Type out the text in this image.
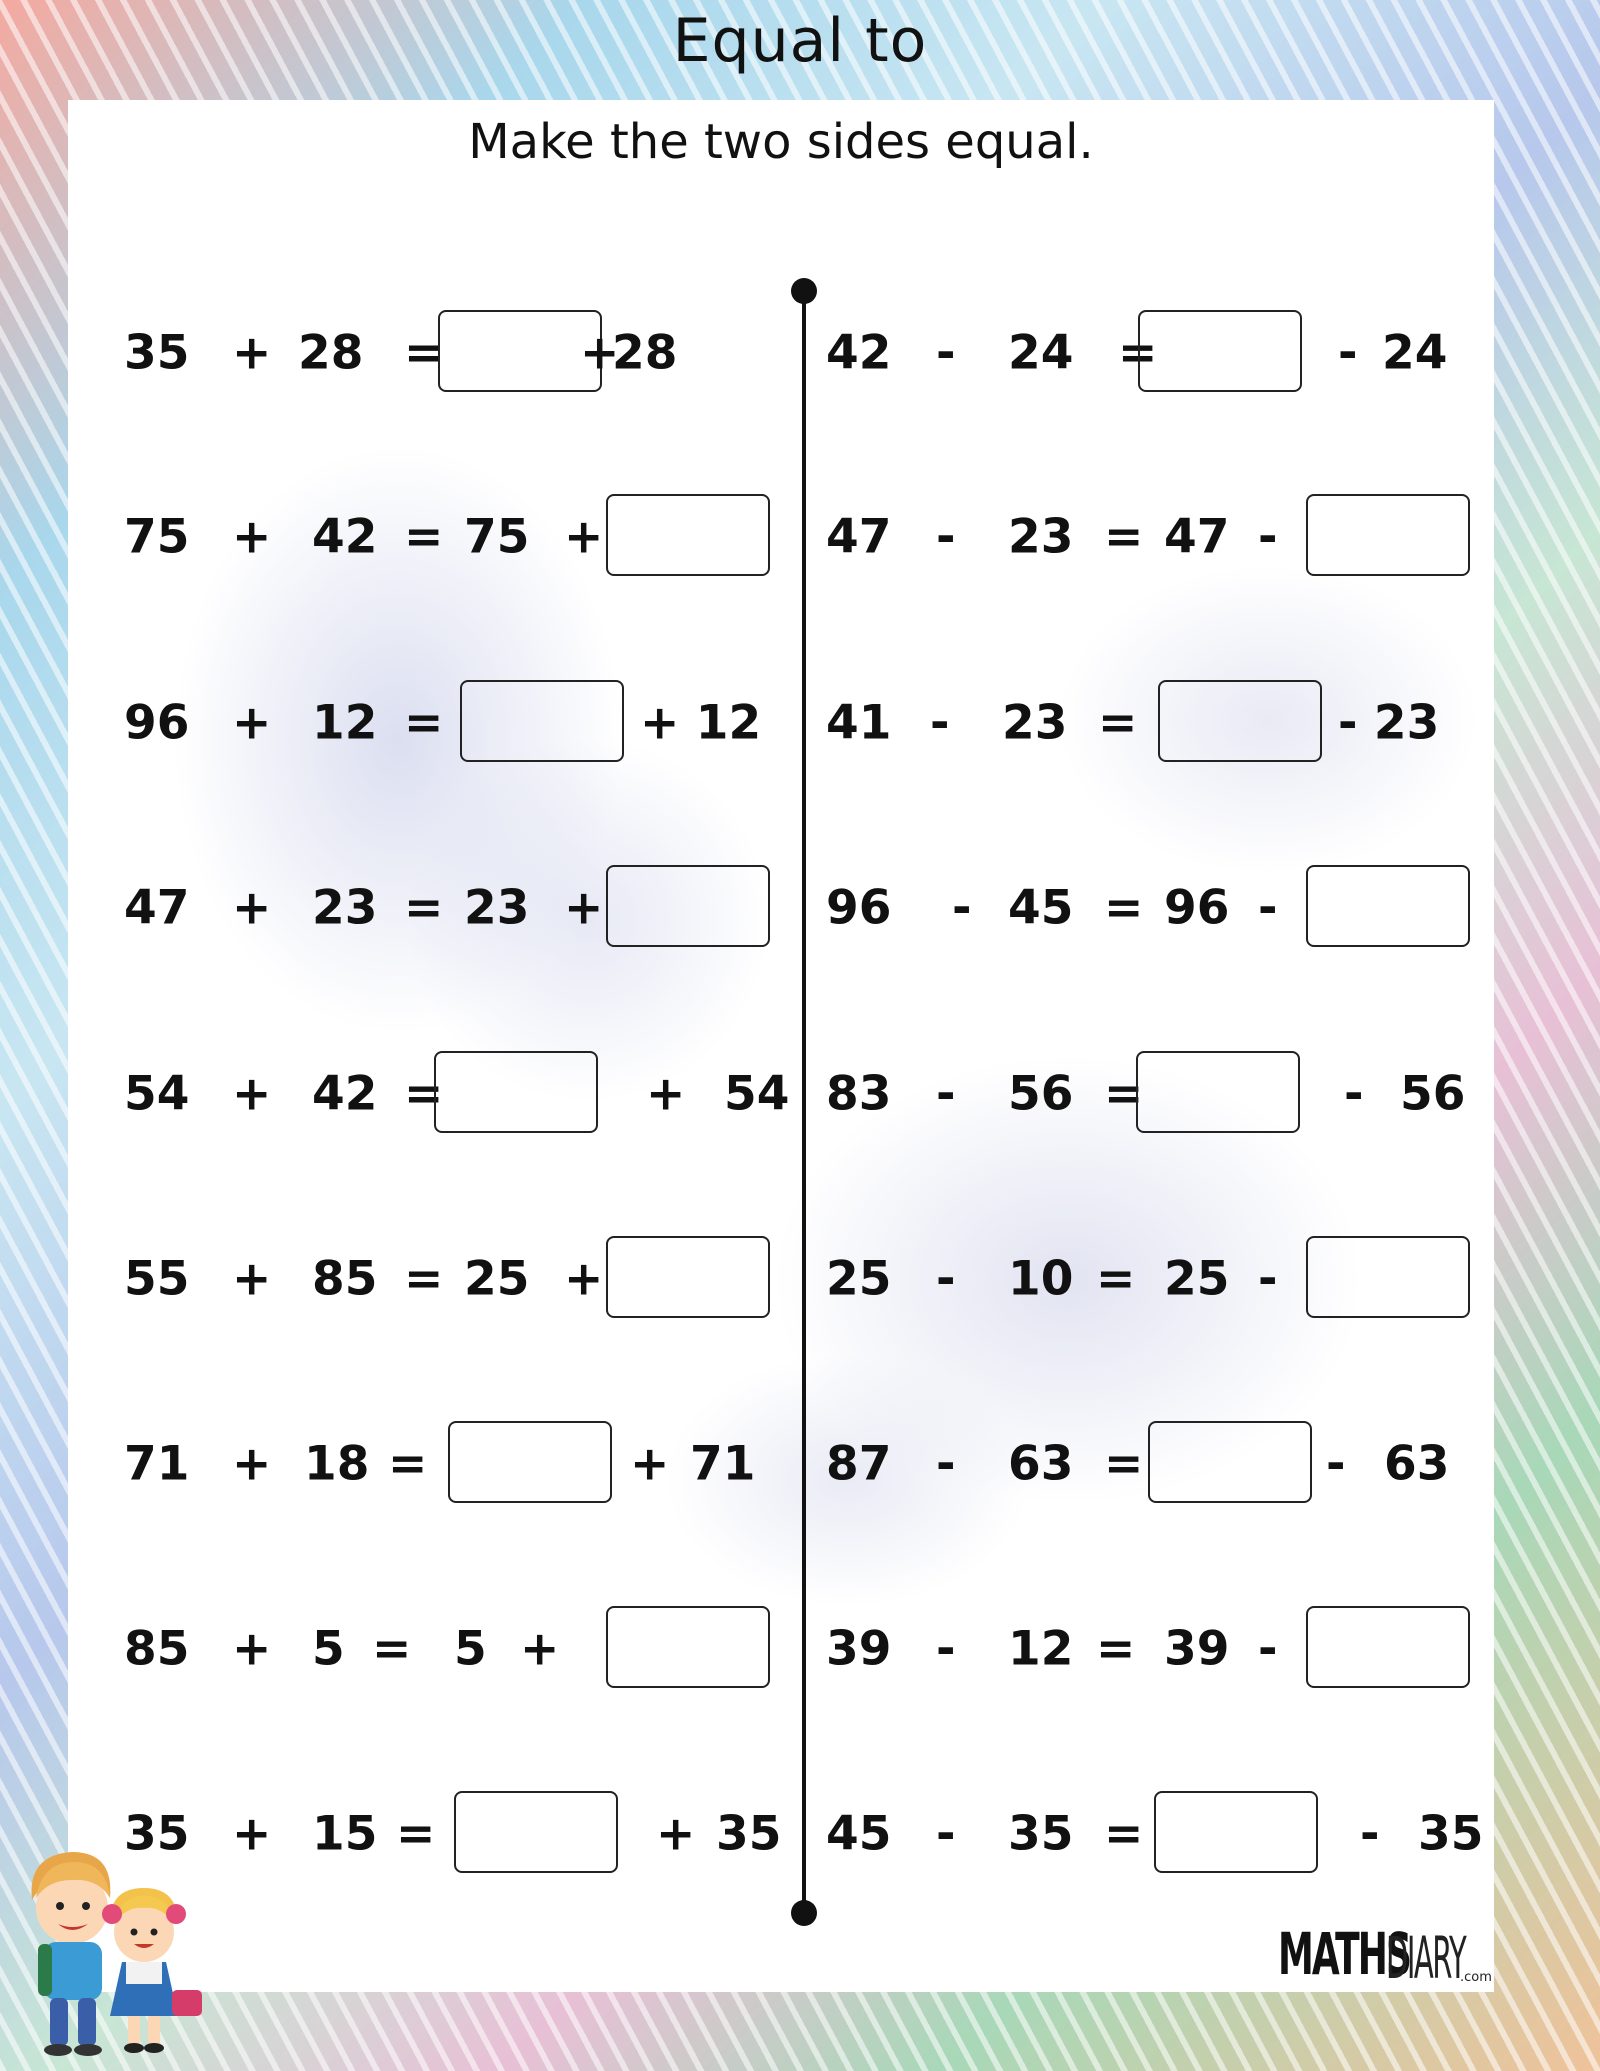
Equal to
Make the two sides equal.
35 + 28 =	+
28
75 + 42 = 75 +
96 + 12 =	+ 12
47 + 23 = 23 +
54 + 42 =	+ 54
55 + 85 = 25 +
71 + 18 =	+ 71
85 + 5 = 5 +
35 + 15 =	+ 35
42 - 24 =	- 24
47 - 23 = 47 -
41 - 23 =	- 23
96 - 45 = 96 -
83 - 56 =	- 56
25 - 10 = 25 -
87 - 63 =	- 63
39 - 12 = 39 -
45 - 35 =	- 35
MATHS
DIARY
.com
